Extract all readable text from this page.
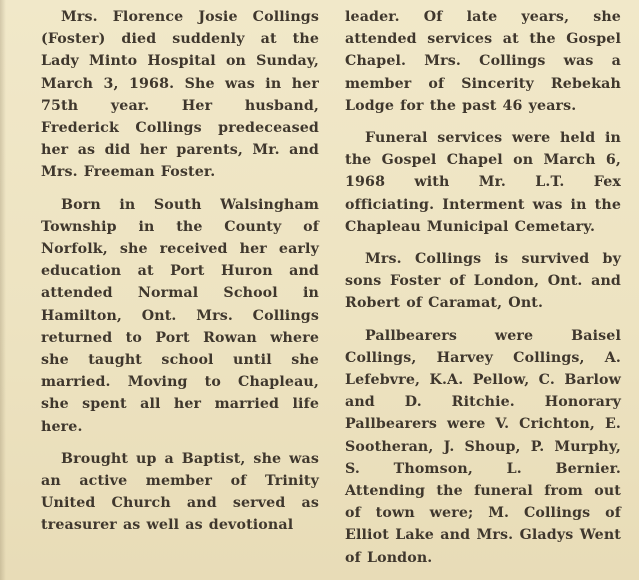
Mrs. Florence Josie Collings (Foster) died suddenly at the Lady Minto Hospital on Sunday, March 3, 1968. She was in her 75th year. Her husband, Frederick Collings predeceased her as did her parents, Mr. and Mrs. Freeman Foster.

Born in South Walsingham Township in the County of Norfolk, she received her early education at Port Huron and attended Normal School in Hamilton, Ont. Mrs. Collings returned to Port Rowan where she taught school until she married. Moving to Chapleau, she spent all her married life here.

Brought up a Baptist, she was an active member of Trinity United Church and served as treasurer as well as devotional

leader. Of late years, she attended services at the Gospel Chapel. Mrs. Collings was a member of Sincerity Rebekah Lodge for the past 46 years.

Funeral services were held in the Gospel Chapel on March 6, 1968 with Mr. L.T. Fex officiating. Interment was in the Chapleau Municipal Cemetary.

Mrs. Collings is survived by sons Foster of London, Ont. and Robert of Caramat, Ont.

Pallbearers were Baisel Collings, Harvey Collings, A. Lefebvre, K.A. Pellow, C. Barlow and D. Ritchie. Honorary Pallbearers were V. Crichton, E. Sootheran, J. Shoup, P. Murphy, S. Thomson, L. Bernier. Attending the funeral from out of town were; M. Collings of Elliot Lake and Mrs. Gladys Went of London.
